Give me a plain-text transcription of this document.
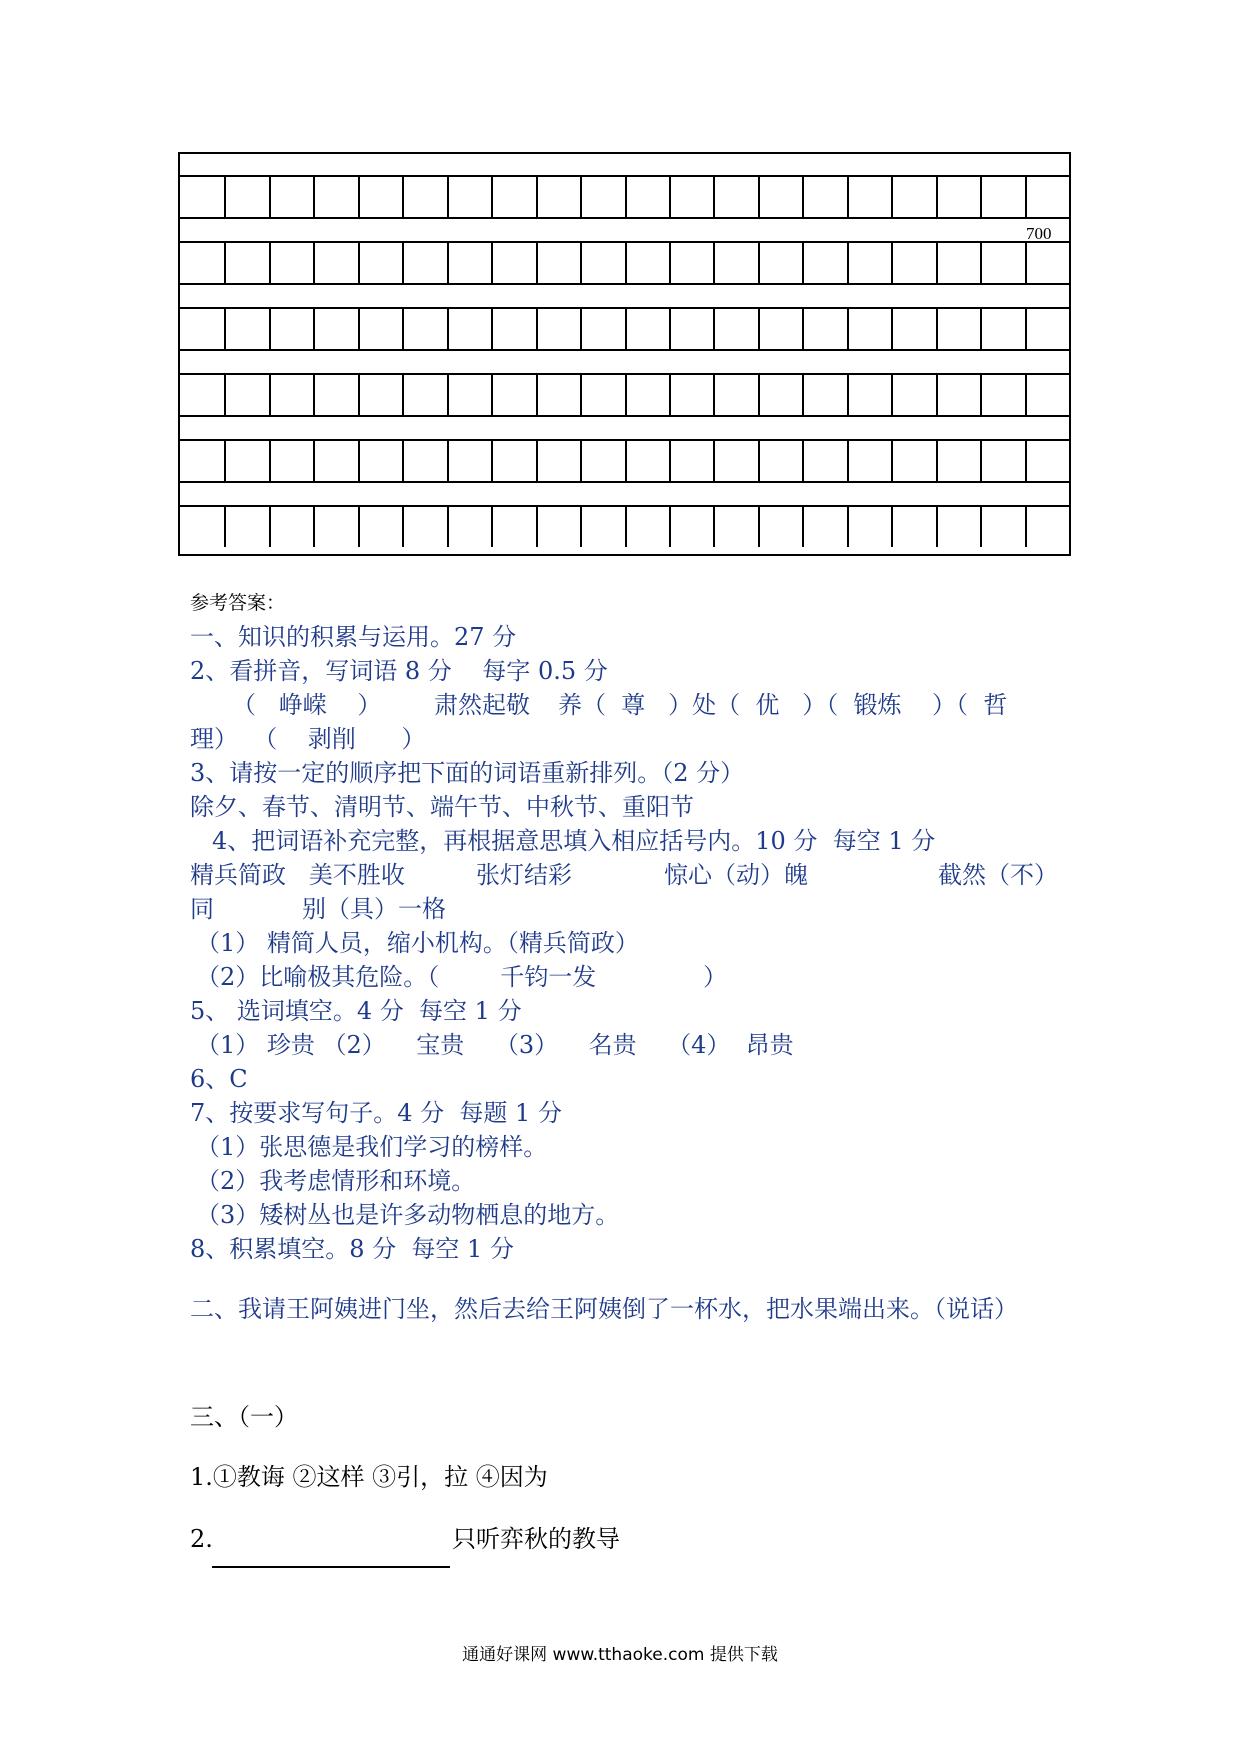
700
参考答案：
一、知识的积累与运用。27 分
2、看拼音，写词语 8 分    每字 0.5 分
（   峥嵘    ） 肃然起敬 养（  尊   ）处（  优   ）（  锻炼    ）（  哲
理）  （    剥削      ）
3、请按一定的顺序把下面的词语重新排列。（2 分）
除夕、春节、清明节、端午节、中秋节、重阳节
4、把词语补充完整，再根据意思填入相应括号内。10 分  每空 1 分
精兵简政   美不胜收	张灯结彩	惊心（动）魄	截然（不）
同	别（具）一格
（1） 精简人员，缩小机构。（精兵简政）
（2）比喻极其危险。（        千钧一发              ）
5、 选词填空。4 分  每空 1 分
（1） 珍贵 （2）    宝贵    （3）    名贵    （4）  昂贵
6、C
7、按要求写句子。4 分  每题 1 分
（1）张思德是我们学习的榜样。
（2）我考虑情形和环境。
（3）矮树丛也是许多动物栖息的地方。
8、积累填空。8 分  每空 1 分
二、我请王阿姨进门坐，然后去给王阿姨倒了一杯水，把水果端出来。（说话）
三、（一）
1.①教诲 ②这样 ③引，拉 ④因为
2.	只听弈秋的教导
通通好课网 www.tthaoke.com 提供下载
